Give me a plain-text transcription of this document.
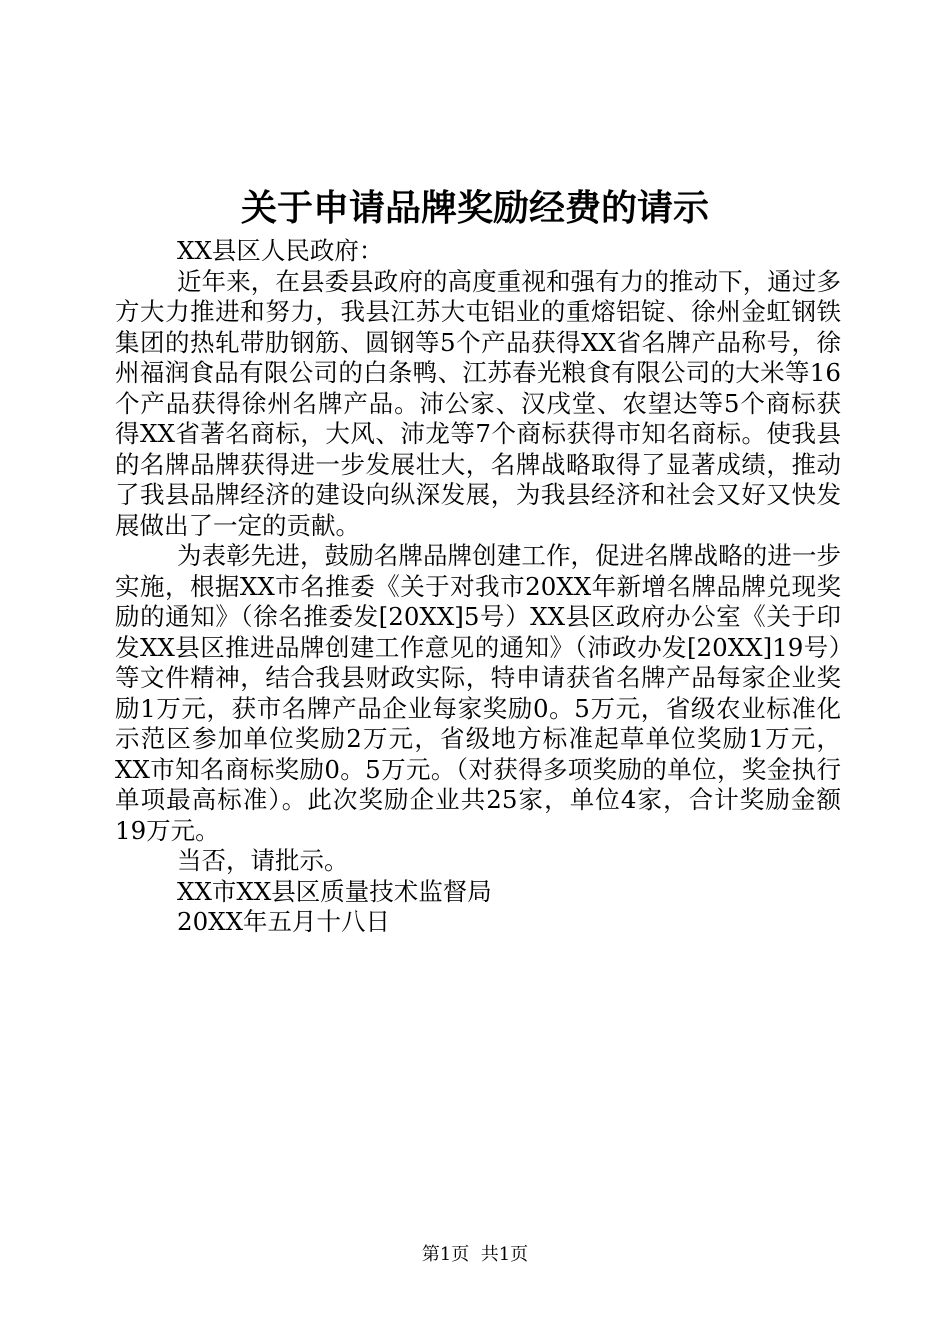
关于申请品牌奖励经费的请示

XX县区人民政府：

近年来，在县委县政府的高度重视和强有力的推动下，通过多方大力推进和努力，我县江苏大屯铝业的重熔铝锭、徐州金虹钢铁集团的热轧带肋钢筋、圆钢等5个产品获得XX省名牌产品称号，徐州福润食品有限公司的白条鸭、江苏春光粮食有限公司的大米等16个产品获得徐州名牌产品。沛公家、汉戌堂、农望达等5个商标获得XX省著名商标，大风、沛龙等7个商标获得市知名商标。使我县的名牌品牌获得进一步发展壮大，名牌战略取得了显著成绩，推动了我县品牌经济的建设向纵深发展，为我县经济和社会又好又快发展做出了一定的贡献。

为表彰先进，鼓励名牌品牌创建工作，促进名牌战略的进一步实施，根据XX市名推委《关于对我市20XX年新增名牌品牌兑现奖励的通知》（徐名推委发[20XX]5号）XX县区政府办公室《关于印发XX县区推进品牌创建工作意见的通知》（沛政办发[20XX]19号）等文件精神，结合我县财政实际，特申请获省名牌产品每家企业奖励1万元，获市名牌产品企业每家奖励0。5万元，省级农业标准化示范区参加单位奖励2万元，省级地方标准起草单位奖励1万元，XX市知名商标奖励0。5万元。（对获得多项奖励的单位，奖金执行单项最高标准）。此次奖励企业共25家，单位4家，合计奖励金额19万元。

当否，请批示。

XX市XX县区质量技术监督局

20XX年五月十八日

第1页  共1页
